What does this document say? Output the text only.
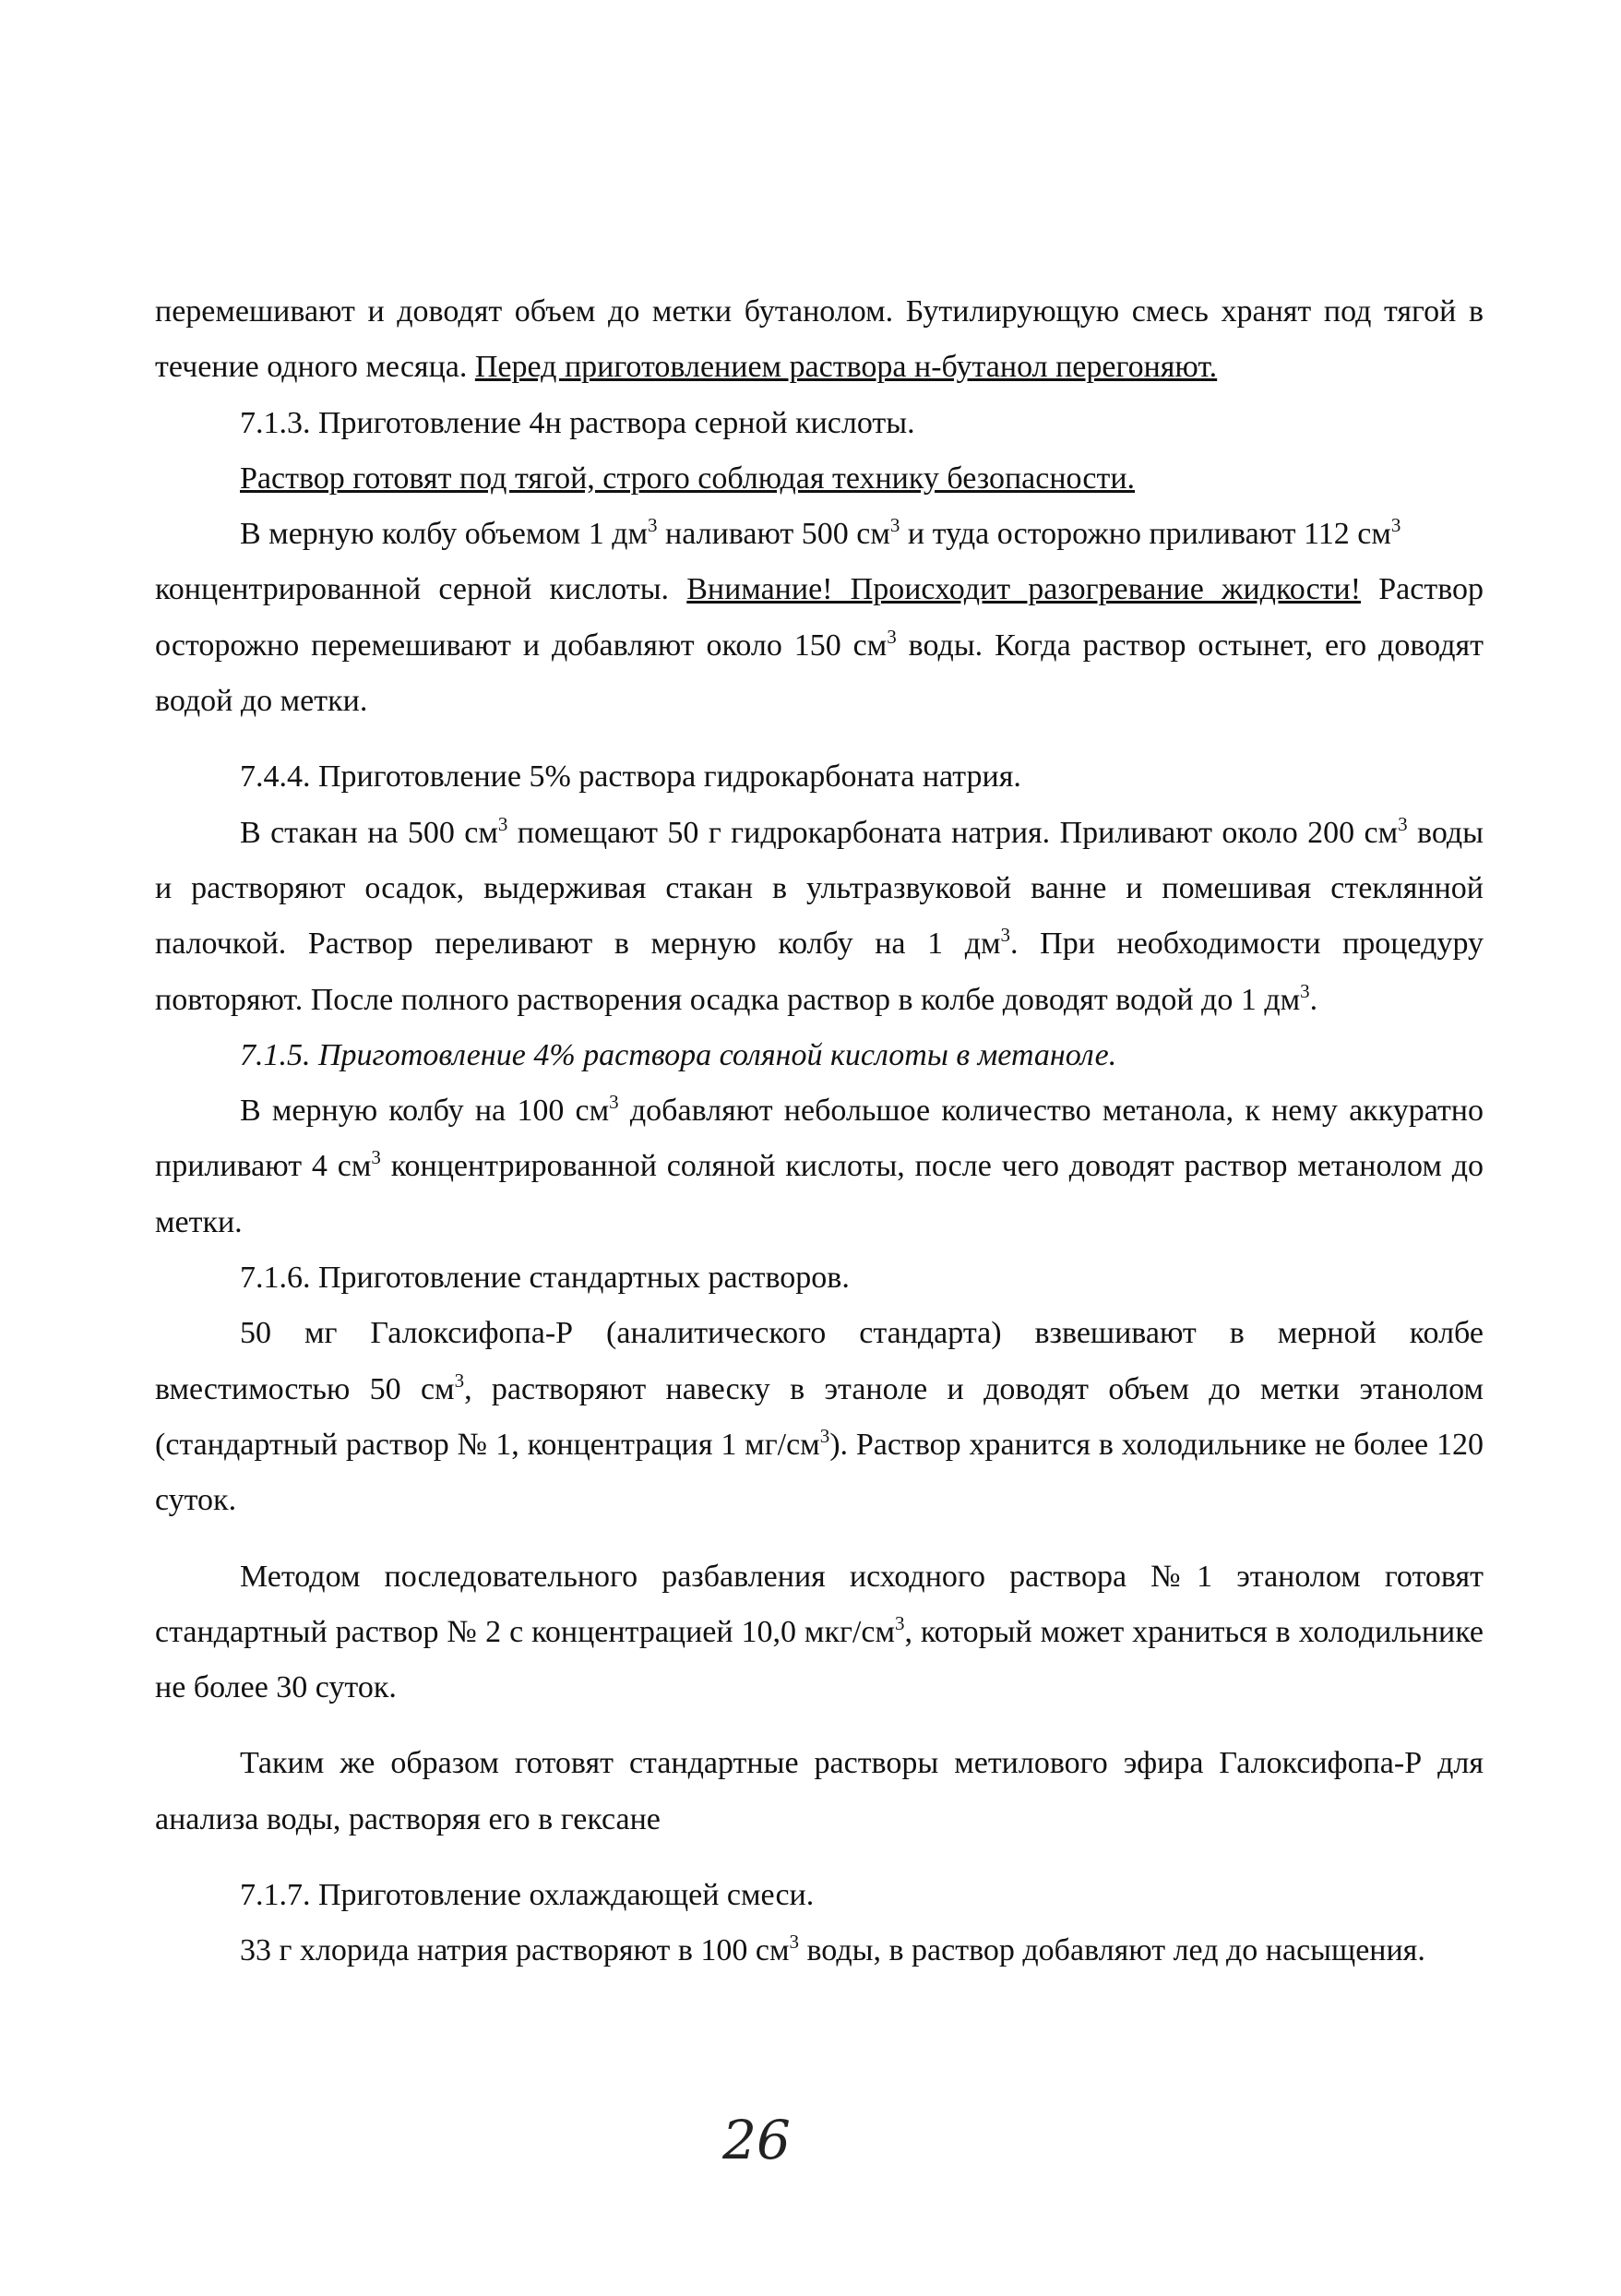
перемешивают и доводят объем до метки бутанолом. Бутилирующую смесь хранят под тягой в течение одного месяца. Перед приготовлением раствора н-бутанол перегоняют.

7.1.3. Приготовление 4н раствора серной кислоты.

Раствор готовят под тягой, строго соблюдая технику безопасности.

В мерную колбу объемом 1 $дм^3$ наливают 500 $см^3$ и туда осторожно приливают 112 $см^3$
концентрированной серной кислоты. Внимание! Происходит разогревание жидкости! Раствор осторожно перемешивают и добавляют около 150 $см^3$ воды. Когда раствор остынет, его доводят водой до метки.

7.4.4. Приготовление 5% раствора гидрокарбоната натрия.

В стакан на 500 $см^3$ помещают 50 г гидрокарбоната натрия. Приливают около 200 $см^3$ воды и растворяют осадок, выдерживая стакан в ультразвуковой ванне и помешивая стеклянной палочкой. Раствор переливают в мерную колбу на 1 $дм^3$. При необходимости процедуру повторяют. После полного растворения осадка раствор в колбе доводят водой до 1 $дм^3$.

7.1.5. Приготовление 4% раствора соляной кислоты в метаноле.

В мерную колбу на 100 $см^3$ добавляют небольшое количество метанола, к нему аккуратно приливают 4 $см^3$ концентрированной соляной кислоты, после чего доводят раствор метанолом до метки.

7.1.6. Приготовление стандартных растворов.

50 мг Галоксифопа-Р (аналитического стандарта) взвешивают в мерной колбе вместимостью 50 $см^3$, растворяют навеску в этаноле и доводят объем до метки этанолом (стандартный раствор № 1, концентрация 1 $мг/см^3$). Раствор хранится в холодильнике не более 120 суток.

Методом последовательного разбавления исходного раствора №1 этанолом готовят стандартный раствор № 2 с концентрацией 10,0 мкг/$см^3$, который может храниться в холодильнике не более 30 суток.

Таким же образом готовят стандартные растворы метилового эфира Галоксифопа-Р для анализа воды, растворяя его в гексане

7.1.7. Приготовление охлаждающей смеси.

33 г хлорида натрия растворяют в 100 $см^3$ воды, в раствор добавляют лед до насыщения.

26
